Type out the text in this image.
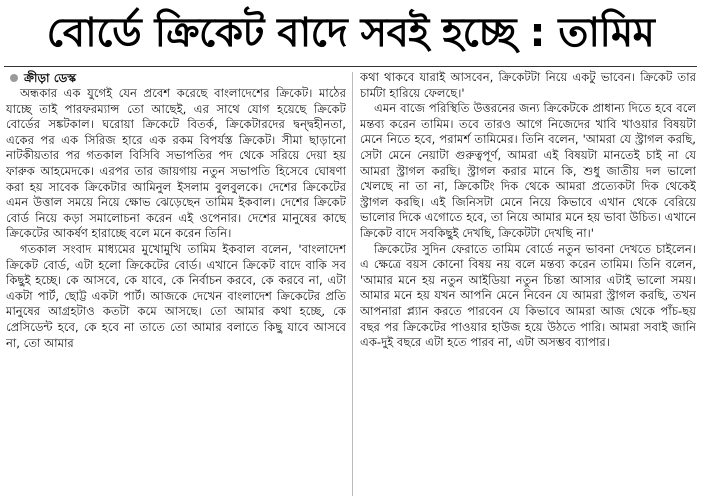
বোর্ডে ক্রিকেট বাদে সবই হচ্ছে : তামিম
ক্রীড়া ডেস্ক

অন্ধকার এক যুগেই যেন প্রবেশ করেছে বাংলাদেশের ক্রিকেট। মাঠের যাচ্ছে তাই পারফরম্যান্স তো আছেই, এর সাথে যোগ হয়েছে ক্রিকেট বোর্ডের সঙ্কটকাল। ঘরোয়া ক্রিকেটে বিতর্ক, ক্রিকেটারদের দ্বন্দ্বহীনতা, একের পর এক সিরিজ হারে এক রকম বিপর্যস্ত ক্রিকেট। সীমা ছাড়ানো নাটকীয়তার পর গতকাল বিসিবি সভাপতির পদ থেকে সরিয়ে দেয়া হয় ফারুক আহমেদকে। এরপর তার জায়গায় নতুন সভাপতি হিসেবে ঘোষণা করা হয় সাবেক ক্রিকেটার আমিনুল ইসলাম বুলবুলকে। দেশের ক্রিকেটের এমন উত্তাল সময়ে নিয়ে ক্ষোভ ঝেড়েছেন তামিম ইকবাল। দেশের ক্রিকেট বোর্ড নিয়ে কড়া সমালোচনা করেন এই ওপেনার। দেশের মানুষের কাছে ক্রিকেটের আকর্ষণ হারাচ্ছে বলে মনে করেন তিনি।

গতকাল সংবাদ মাধ্যমের মুখোমুখি তামিম ইকবাল বলেন, 'বাংলাদেশ ক্রিকেট বোর্ড, এটা হলো ক্রিকেটের বোর্ড। এখানে ক্রিকেট বাদে বাকি সব কিছুই হচ্ছে। কে আসবে, কে যাবে, কে নির্বাচন করবে, কে করবে না, এটা একটা পার্ট, ছোট্ট একটা পার্ট। আজকে দেখেন বাংলাদেশ ক্রিকেটের প্রতি মানুষের আগ্রহটাও কতটা কমে আসছে। তো আমার কথা হচ্ছে, কে প্রেসিডেন্ট হবে, কে হবে না তাতে তো আমার বলাতে কিছু যাবে আসবে না, তো আমার

কথা থাকবে যারাই আসবেন, ক্রিকেটটা নিয়ে একটু ভাবেন। ক্রিকেট তার চার্মটা হারিয়ে ফেলছে।'

এমন বাজে পরিস্থিতি উত্তরনের জন্য ক্রিকেটকে প্রাধান্য দিতে হবে বলে মন্তব্য করেন তামিম। তবে তারও আগে নিজেদের খাবি খাওয়ার বিষয়টা মেনে নিতে হবে, পরামর্শ তামিমের। তিনি বলেন, 'আমরা যে স্ট্রাগল করছি, সেটা মেনে নেয়াটা গুরুত্বপূর্ণ, আমরা এই বিষয়টা মানতেই চাই না যে আমরা স্ট্রাগল করছি। স্ট্রাগল করার মানে কি, শুধু জাতীয় দল ভালো খেলছে না তা না, ক্রিকেটিং দিক থেকে আমরা প্রত্যেকটা দিক থেকেই স্ট্রাগল করছি। এই জিনিসটা মেনে নিয়ে কিভাবে এখান থেকে বেরিয়ে ভালোর দিকে এগোতে হবে, তা নিয়ে আমার মনে হয় ভাবা উচিত। এখানে ক্রিকেট বাদে সবকিছুই দেখছি, ক্রিকেটটা দেখছি না।'

ক্রিকেটের সুদিন ফেরাতে তামিম বোর্ডে নতুন ভাবনা দেখতে চাইলেন। এ ক্ষেত্রে বয়স কোনো বিষয় নয় বলে মন্তব্য করেন তামিম। তিনি বলেন, 'আমার মনে হয় নতুন আইডিয়া নতুন চিন্তা আসার এটাই ভালো সময়। আমার মনে হয় যখন আপনি মেনে নিবেন যে আমরা স্ট্রাগল করছি, তখন আপনারা প্ল্যান করতে পারবেন যে কিভাবে আমরা আজ থেকে পাঁচ-ছয় বছর পর ক্রিকেটের পাওয়ার হাউজ হয়ে উঠতে পারি। আমরা সবাই জানি এক-দুই বছরে এটা হতে পারব না, এটা অসম্ভব ব্যাপার।
